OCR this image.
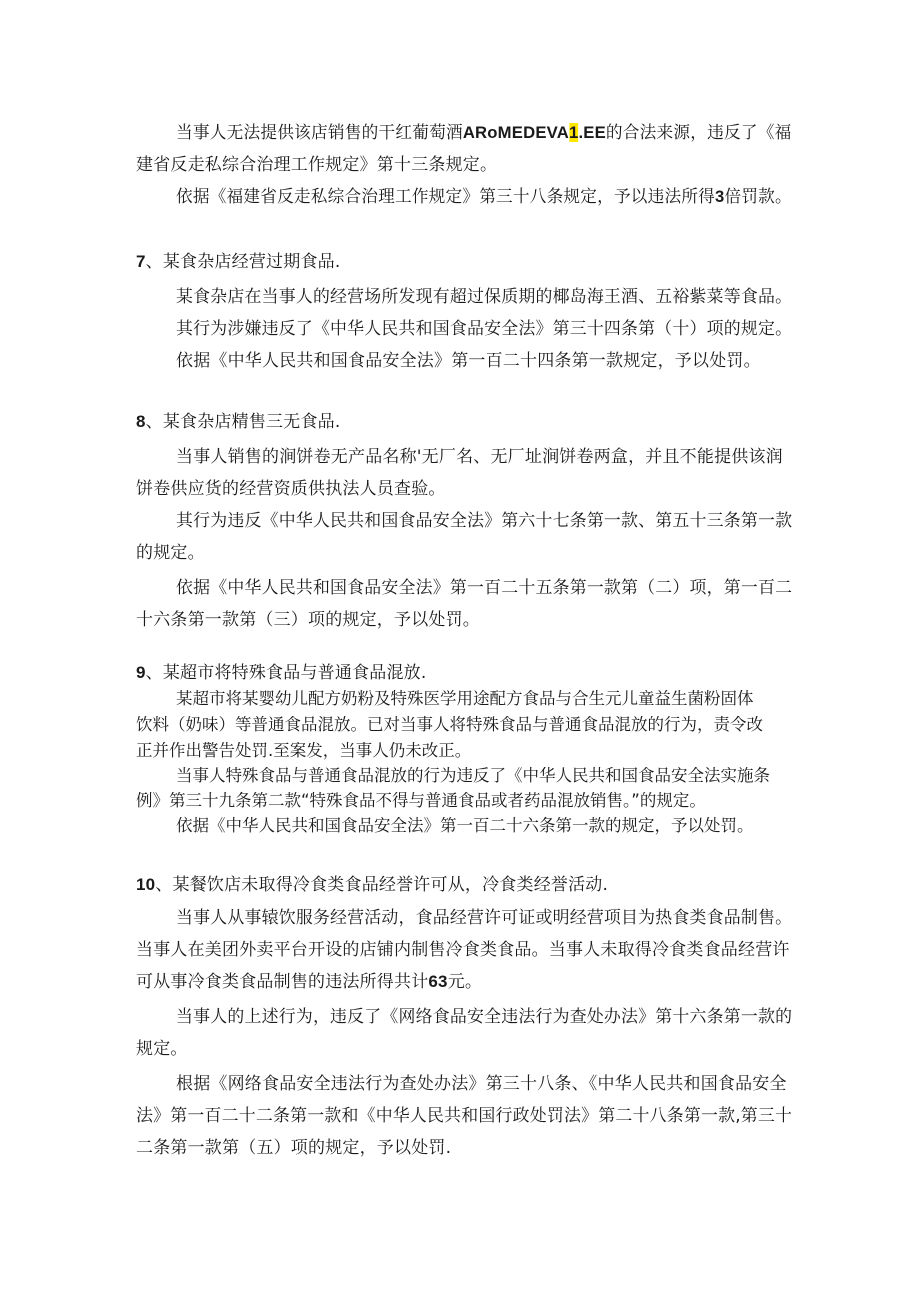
当事人无法提供该店销售的干红葡萄酒ARoMEDEVA1.EE的合法来源，违反了《福
建省反走私综合治理工作规定》第十三条规定。
依据《福建省反走私综合治理工作规定》第三十八条规定，予以违法所得3倍罚款。
7、某食杂店经营过期食品.
某食杂店在当事人的经营场所发现有超过保质期的椰岛海王酒、五裕紫菜等食品。
其行为涉嫌违反了《中华人民共和国食品安全法》第三十四条第（十）项的规定。
依据《中华人民共和国食品安全法》第一百二十四条第一款规定，予以处罚。
8、某食杂店精售三无食品.
当事人销售的涧饼卷无产品名称'无厂名、无厂址涧饼卷两盒，并且不能提供该润
饼卷供应货的经营资质供执法人员查验。
其行为违反《中华人民共和国食品安全法》第六十七条第一款、第五十三条第一款
的规定。
依据《中华人民共和国食品安全法》第一百二十五条第一款第（二）项，第一百二
十六条第一款第（三）项的规定，予以处罚。
9、某超市将特殊食品与普通食品混放.
某超市将某婴幼儿配方奶粉及特殊医学用途配方食品与合生元儿童益生菌粉固体
饮料（奶味）等普通食品混放。已对当事人将特殊食品与普通食品混放的行为，责令改
正并作出警告处罚.至案发，当事人仍未改正。
当事人特殊食品与普通食品混放的行为违反了《中华人民共和国食品安全法实施条
例》第三十九条第二款“特殊食品不得与普通食品或者药品混放销售。”的规定。
依据《中华人民共和国食品安全法》第一百二十六条第一款的规定，予以处罚。
10、某餐饮店未取得冷食类食品经誉许可从，冷食类经誉活动.
当事人从事辕饮服务经营活动，食品经营许可证或明经营项目为热食类食品制售。
当事人在美团外卖平台开设的店铺内制售冷食类食品。当事人未取得冷食类食品经营许
可从事冷食类食品制售的违法所得共计63元。
当事人的上述行为，违反了《网络食品安全违法行为查处办法》第十六条第一款的
规定。
根据《网络食品安全违法行为查处办法》第三十八条、《中华人民共和国食品安全
法》第一百二十二条第一款和《中华人民共和国行政处罚法》第二十八条第一款,第三十
二条第一款第（五）项的规定，予以处罚.
